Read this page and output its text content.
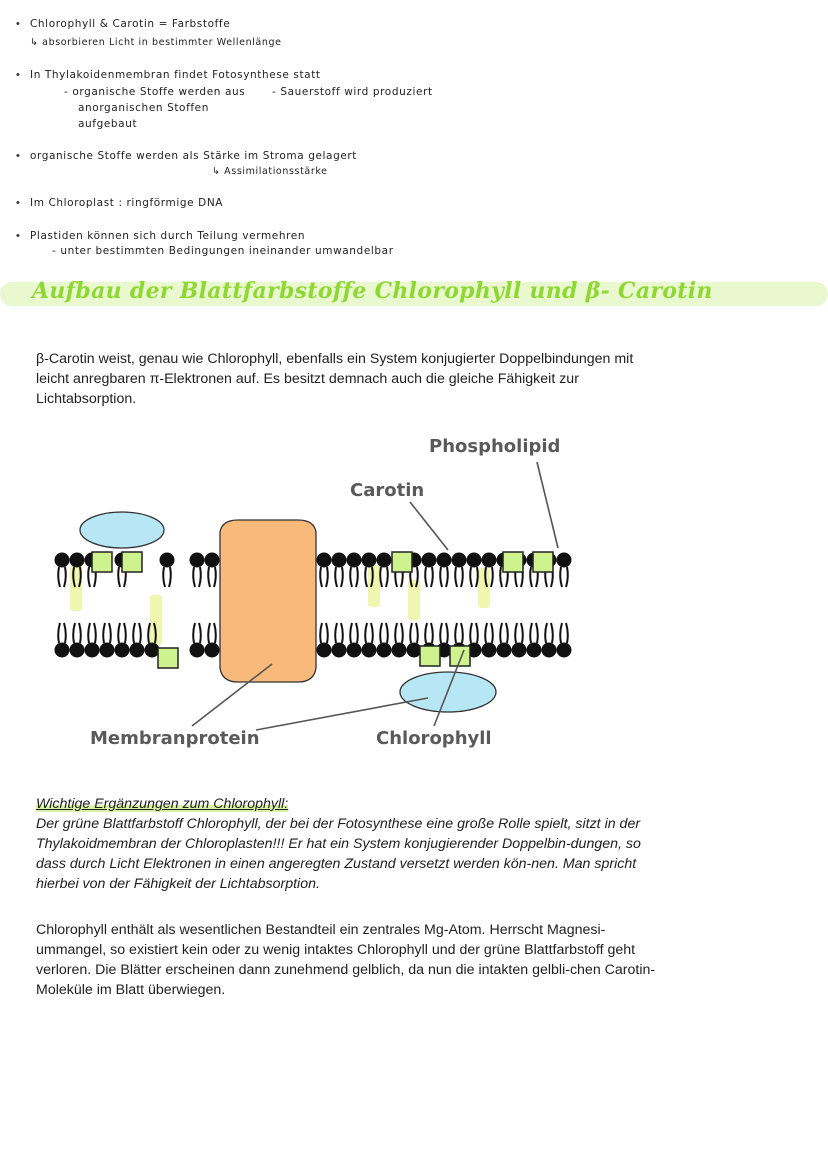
• Chlorophyll & Carotin = Farbstoffe
↳ absorbieren Licht in bestimmter Wellenlänge
• In Thylakoidenmembran findet Fotosynthese statt
- organische Stoffe werden aus	- Sauerstoff wird produziert
anorganischen Stoffen
aufgebaut
• organische Stoffe werden als Stärke im Stroma gelagert
↳ Assimilationsstärke
• Im Chloroplast : ringförmige DNA
• Plastiden können sich durch Teilung vermehren
- unter bestimmten Bedingungen ineinander umwandelbar
Aufbau der Blattfarbstoffe Chlorophyll und β- Carotin
β-Carotin weist, genau wie Chlorophyll, ebenfalls ein System konjugierter Doppelbindungen mit leicht anregbaren π-Elektronen auf. Es besitzt demnach auch die gleiche Fähigkeit zur Lichtabsorption.
Phospholipid
Carotin
Membranprotein	Chlorophyll
Wichtige Ergänzungen zum Chlorophyll:
Der grüne Blattfarbstoff Chlorophyll, der bei der Fotosynthese eine große Rolle spielt, sitzt in der Thylakoidmembran der Chloroplasten!!! Er hat ein System konjugierender Doppelbin-dungen, so dass durch Licht Elektronen in einen angeregten Zustand versetzt werden kön-nen. Man spricht hierbei von der Fähigkeit der Lichtabsorption.
Chlorophyll enthält als wesentlichen Bestandteil ein zentrales Mg-Atom. Herrscht Magnesi-ummangel, so existiert kein oder zu wenig intaktes Chlorophyll und der grüne Blattfarbstoff geht verloren. Die Blätter erscheinen dann zunehmend gelblich, da nun die intakten gelbli-chen Carotin-Moleküle im Blatt überwiegen.
